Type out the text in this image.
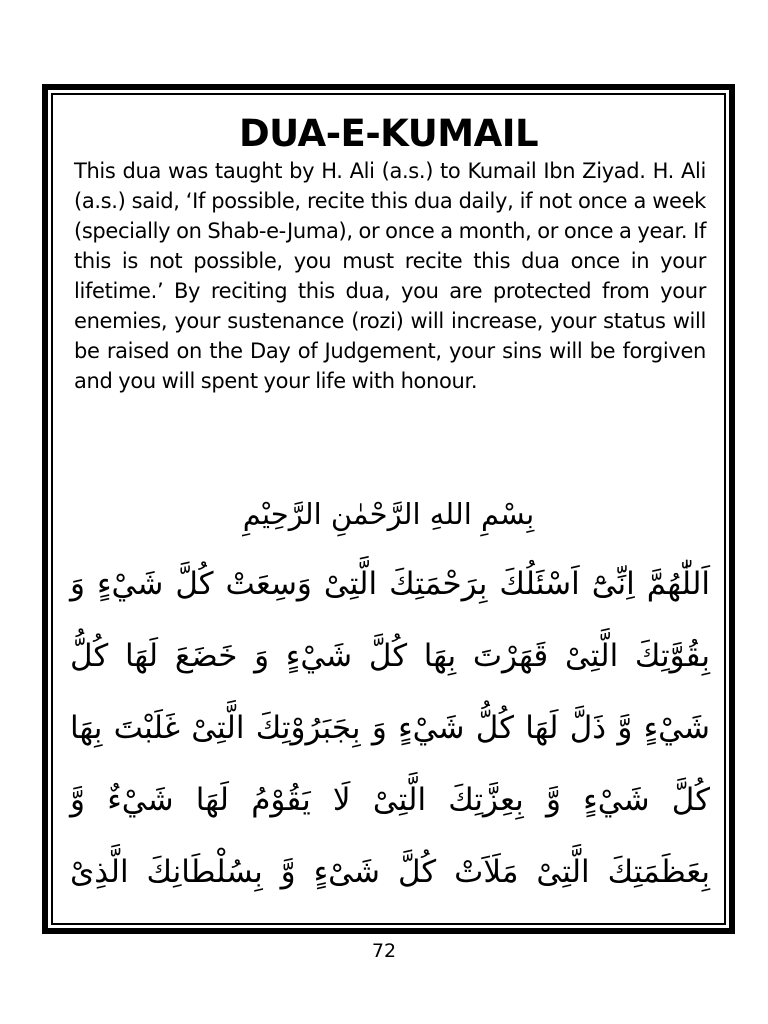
DUA-E-KUMAIL

This dua was taught by H. Ali (a.s.) to Kumail Ibn Ziyad. H. Ali (a.s.) said, ‘If possible, recite this dua daily, if not once a week (specially on Shab-e-Juma), or once a month, or once a year. If this is not possible, you must recite this dua once in your lifetime.’ By reciting this dua, you are protected from your enemies, your sustenance (rozi) will increase, your status will be raised on the Day of Judgement, your sins will be forgiven and you will spent your life with honour.

بِسْمِ اللهِ الرَّحْمٰنِ الرَّحِيْمِ
اَللّٰهُمَّ اِنِّىْٓ اَسْئَلُكَ بِرَحْمَتِكَ الَّتِىْ وَسِعَتْ كُلَّ شَيْءٍ وَ
بِقُوَّتِكَ الَّتِىْ قَهَرْتَ بِهَا كُلَّ شَيْءٍ وَ خَضَعَ لَهَا كُلُّ
شَيْءٍ وَّ ذَلَّ لَهَا كُلُّ شَيْءٍ وَ بِجَبَرُوْتِكَ الَّتِىْ غَلَبْتَ بِهَا
كُلَّ شَيْءٍ وَّ بِعِزَّتِكَ الَّتِىْ لَا يَقُوْمُ لَهَا شَيْءٌ وَّ
بِعَظَمَتِكَ الَّتِىْ مَلَاَتْ كُلَّ شَىْءٍ وَّ بِسُلْطَانِكَ الَّذِىْ
72
